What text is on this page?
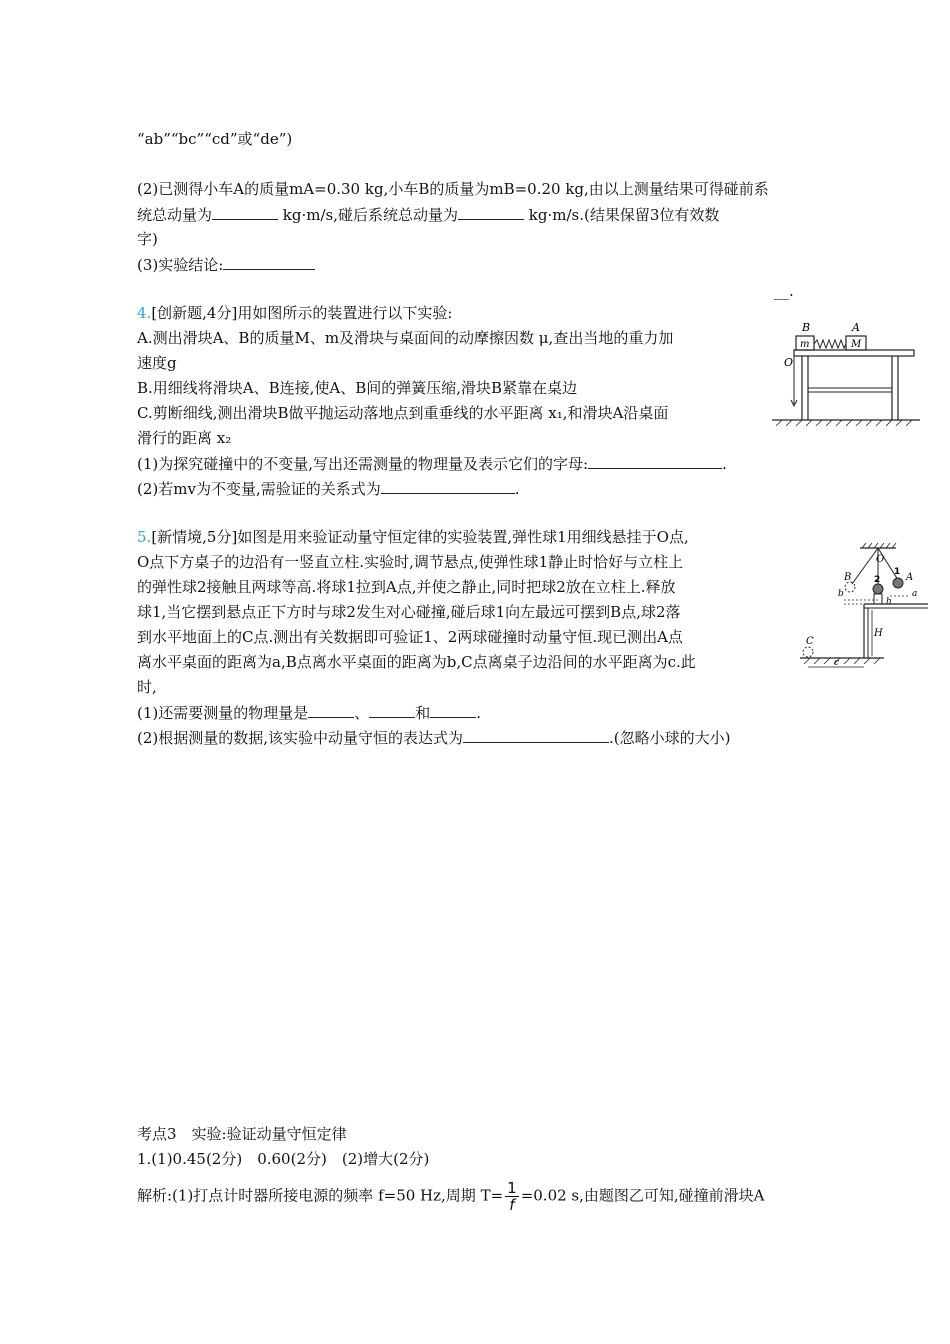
“ab”“bc”“cd”或“de”)
(2)已测得小车A的质量mA=0.30 kg,小车B的质量为mB=0.20 kg,由以上测量结果可得碰前系
统总动量为	kg·m/s,碰后系统总动量为	kg·m/s.(结果保留3位有效数
字)
(3)实验结论:
__.
4.[创新题,4分]用如图所示的装置进行以下实验:
A.测出滑块A、B的质量M、m及滑块与桌面间的动摩擦因数 μ,查出当地的重力加
速度g
B.用细线将滑块A、B连接,使A、B间的弹簧压缩,滑块B紧靠在桌边
C.剪断细线,测出滑块B做平抛运动落地点到重垂线的水平距离 x₁,和滑块A沿桌面
滑行的距离 x₂
(1)为探究碰撞中的不变量,写出还需测量的物理量及表示它们的字母:	.
(2)若mv为不变量,需验证的关系式为	.
B	A
m	M
O
5.[新情境,5分]如图是用来验证动量守恒定律的实验装置,弹性球1用细线悬挂于O点,
O点下方桌子的边沿有一竖直立柱.实验时,调节悬点,使弹性球1静止时恰好与立柱上
的弹性球2接触且两球等高.将球1拉到A点,并使之静止,同时把球2放在立柱上.释放
球1,当它摆到悬点正下方时与球2发生对心碰撞,碰后球1向左最远可摆到B点,球2落
到水平地面上的C点.测出有关数据即可验证1、2两球碰撞时动量守恒.现已测出A点
离水平桌面的距离为a,B点离水平桌面的距离为b,C点离桌子边沿间的水平距离为c.此
时,
(1)还需要测量的物理量是	、	和	.
(2)根据测量的数据,该实验中动量守恒的表达式为	.(忽略小球的大小)
O
B
b
2
1 A
a
h
H
C
c
考点3　实验:验证动量守恒定律
1.(1)0.45(2分)　0.60(2分)　(2)增大(2分)
解析:(1)打点计时器所接电源的频率 f=50 Hz,周期 $T= \frac{1}{f} =0.02$ s,由题图乙可知,碰撞前滑块A
